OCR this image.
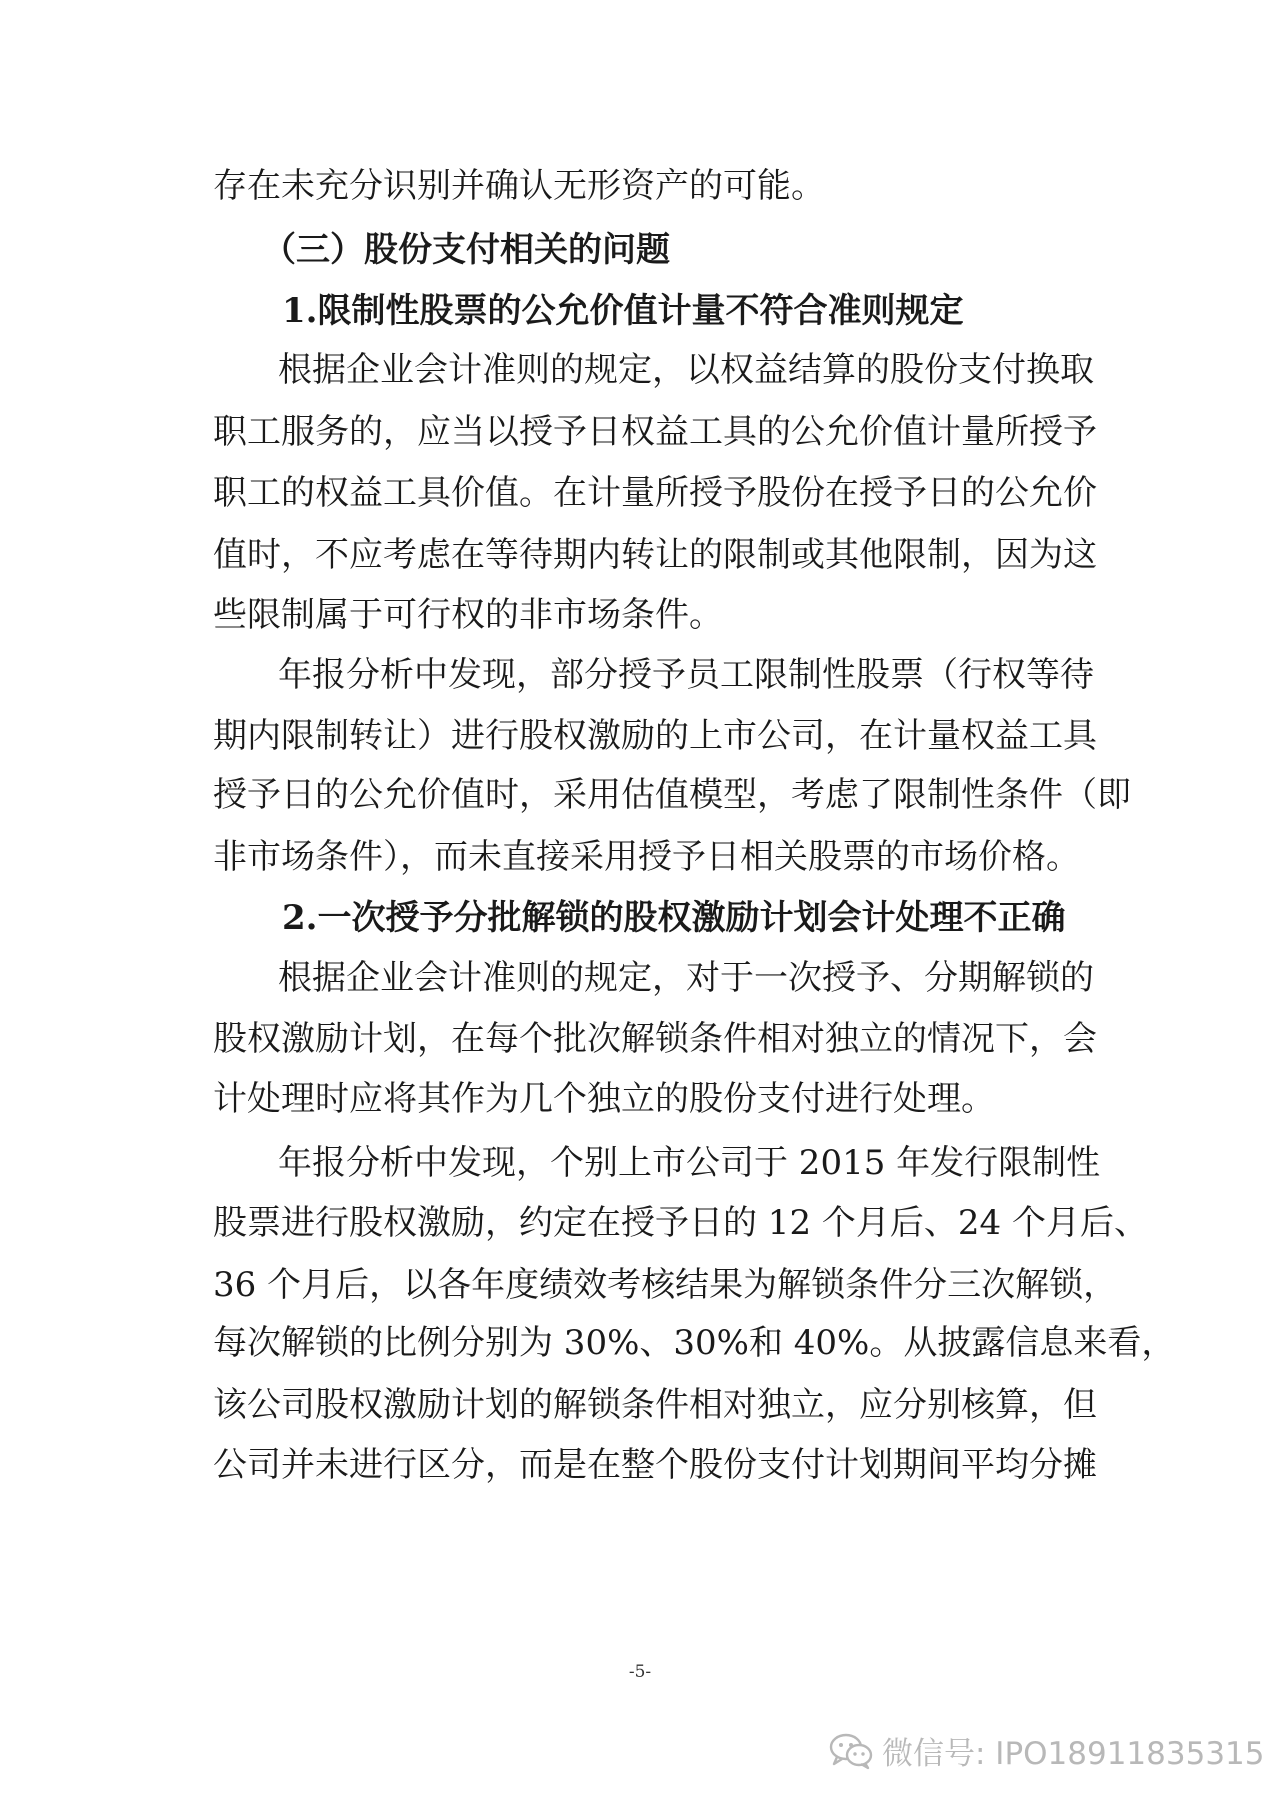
存在未充分识别并确认无形资产的可能。
（三）股份支付相关的问题
1.限制性股票的公允价值计量不符合准则规定
根据企业会计准则的规定，以权益结算的股份支付换取
职工服务的，应当以授予日权益工具的公允价值计量所授予
职工的权益工具价值。在计量所授予股份在授予日的公允价
值时，不应考虑在等待期内转让的限制或其他限制，因为这
些限制属于可行权的非市场条件。
年报分析中发现，部分授予员工限制性股票（行权等待
期内限制转让）进行股权激励的上市公司，在计量权益工具
授予日的公允价值时，采用估值模型，考虑了限制性条件（即
非市场条件），而未直接采用授予日相关股票的市场价格。
2.一次授予分批解锁的股权激励计划会计处理不正确
根据企业会计准则的规定，对于一次授予、分期解锁的
股权激励计划，在每个批次解锁条件相对独立的情况下，会
计处理时应将其作为几个独立的股份支付进行处理。
年报分析中发现，个别上市公司于 2015 年发行限制性
股票进行股权激励，约定在授予日的 12 个月后、24 个月后、
36 个月后，以各年度绩效考核结果为解锁条件分三次解锁，
每次解锁的比例分别为 30%、30%和 40%。从披露信息来看，
该公司股权激励计划的解锁条件相对独立，应分别核算，但
公司并未进行区分，而是在整个股份支付计划期间平均分摊
-5-
微信号: IPO18911835315
